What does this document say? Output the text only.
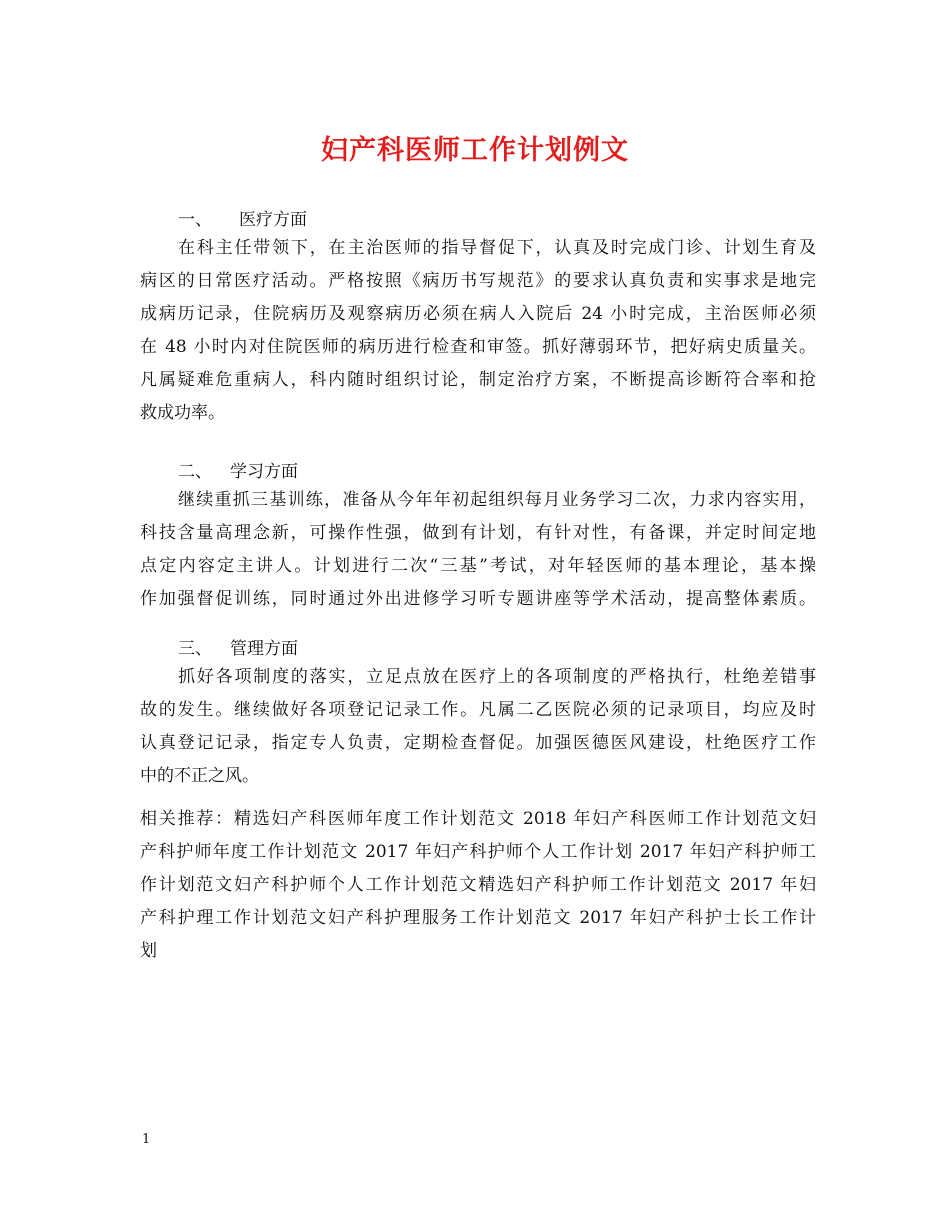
妇产科医师工作计划例文
一、 医疗方面
在科主任带领下，在主治医师的指导督促下，认真及时完成门诊、计划生育及
病区的日常医疗活动。严格按照《病历书写规范》的要求认真负责和实事求是地完
成病历记录，住院病历及观察病历必须在病人入院后 24 小时完成，主治医师必须
在 48 小时内对住院医师的病历进行检查和审签。抓好薄弱环节，把好病史质量关。
凡属疑难危重病人，科内随时组织讨论，制定治疗方案，不断提高诊断符合率和抢
救成功率。
二、 学习方面
继续重抓三基训练，准备从今年年初起组织每月业务学习二次，力求内容实用，
科技含量高理念新，可操作性强，做到有计划，有针对性，有备课，并定时间定地
点定内容定主讲人。计划进行二次“三基”考试，对年轻医师的基本理论，基本操
作加强督促训练，同时通过外出进修学习听专题讲座等学术活动，提高整体素质。
三、 管理方面
抓好各项制度的落实，立足点放在医疗上的各项制度的严格执行，杜绝差错事
故的发生。继续做好各项登记记录工作。凡属二乙医院必须的记录项目，均应及时
认真登记记录，指定专人负责，定期检查督促。加强医德医风建设，杜绝医疗工作
中的不正之风。
相关推荐：精选妇产科医师年度工作计划范文 2018 年妇产科医师工作计划范文妇
产科护师年度工作计划范文 2017 年妇产科护师个人工作计划 2017 年妇产科护师工
作计划范文妇产科护师个人工作计划范文精选妇产科护师工作计划范文 2017 年妇
产科护理工作计划范文妇产科护理服务工作计划范文 2017 年妇产科护士长工作计
划
1
